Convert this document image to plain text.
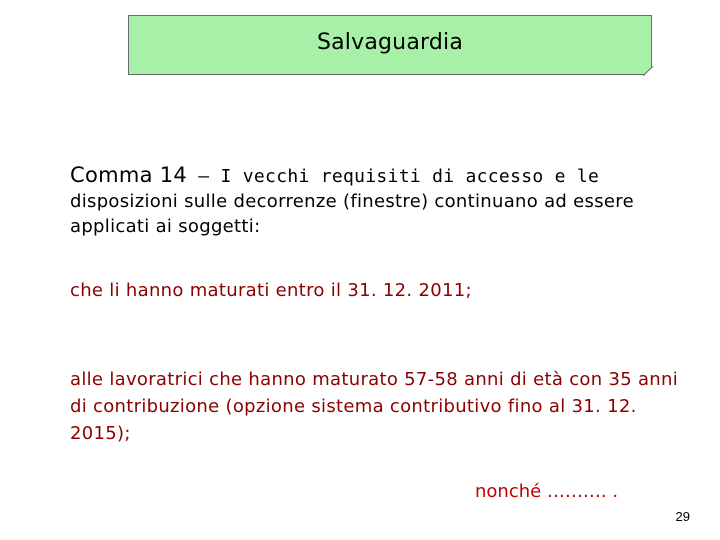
Salvaguardia

Comma 14 – I vecchi requisiti di accesso e le
disposizioni sulle decorrenze (finestre) continuano ad essere applicati ai soggetti:

che li hanno maturati entro il 31. 12. 2011;

alle lavoratrici che hanno maturato 57-58 anni di età con 35 anni di contribuzione (opzione sistema contributivo fino al 31. 12. 2015);

nonché ………. .

29
